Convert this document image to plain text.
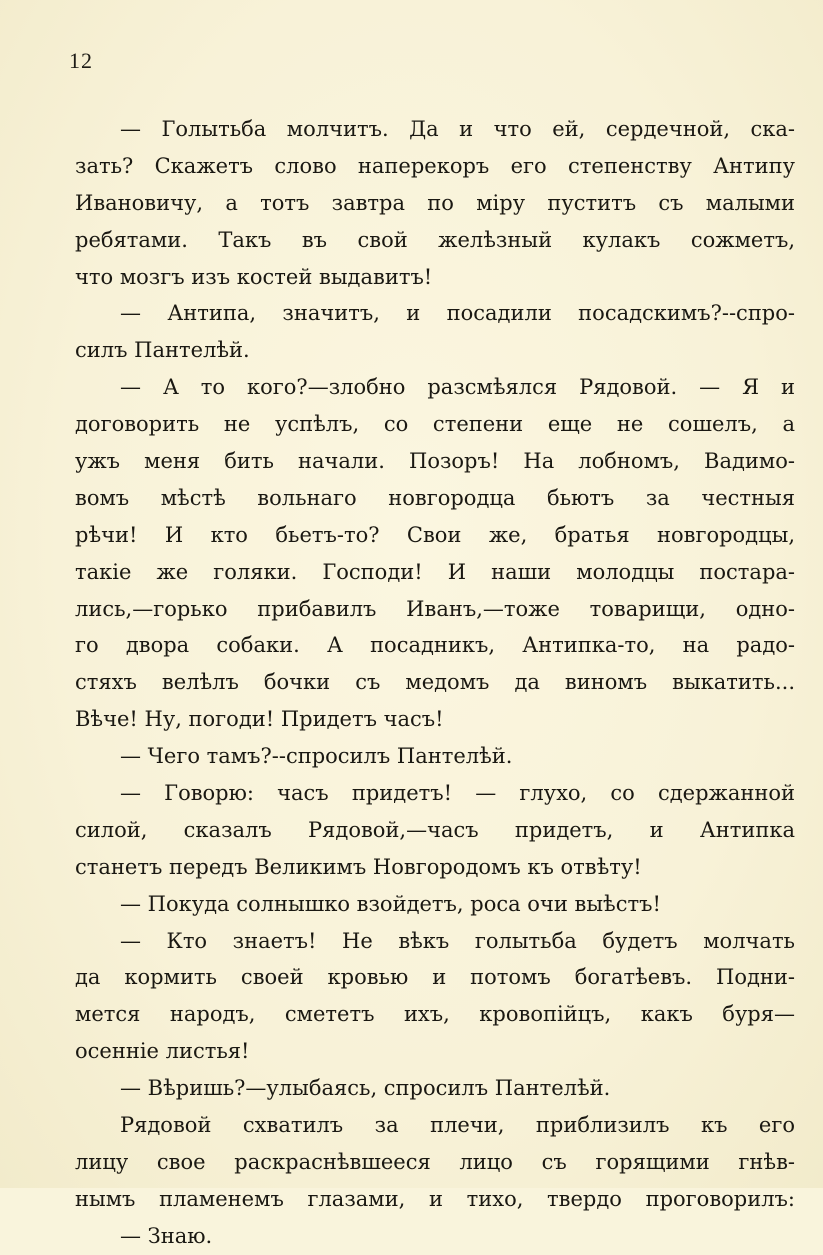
12
— Голытьба молчитъ. Да и что ей, сердечной, ска-
зать? Скажетъ слово наперекоръ его степенству Антипу
Ивановичу, а тотъ завтра по міру пуститъ съ малыми
ребятами. Такъ въ свой желѣзный кулакъ сожметъ,
что мозгъ изъ костей выдавитъ!
— Антипа, значитъ, и посадили посадскимъ?--спро-
силъ Пантелѣй.
— А то кого?—злобно разсмѣялся Рядовой. — Я и
договорить не успѣлъ, со степени еще не сошелъ, а
ужъ меня бить начали. Позоръ! На лобномъ, Вадимо-
вомъ мѣстѣ вольнаго новгородца бьютъ за честныя
рѣчи! И кто бьетъ-то? Свои же, братья новгородцы,
такіе же голяки. Господи! И наши молодцы постара-
лись,—горько прибавилъ Иванъ,—тоже товарищи, одно-
го двора собаки. А посадникъ, Антипка-то, на радо-
стяхъ велѣлъ бочки съ медомъ да виномъ выкатить...
Вѣче! Ну, погоди! Придетъ часъ!
— Чего тамъ?--спросилъ Пантелѣй.
— Говорю: часъ придетъ! — глухо, со сдержанной
силой, сказалъ Рядовой,—часъ придетъ, и Антипка
станетъ передъ Великимъ Новгородомъ къ отвѣту!
— Покуда солнышко взойдетъ, роса очи выѣстъ!
— Кто знаетъ! Не вѣкъ голытьба будетъ молчать
да кормить своей кровью и потомъ богатѣевъ. Подни-
мется народъ, смететъ ихъ, кровопійцъ, какъ буря—
осенніе листья!
— Вѣришь?—улыбаясь, спросилъ Пантелѣй.
Рядовой схватилъ за плечи, приблизилъ къ его
лицу свое раскраснѣвшееся лицо съ горящими гнѣв-
нымъ пламенемъ глазами, и тихо, твердо проговорилъ:
— Знаю.
